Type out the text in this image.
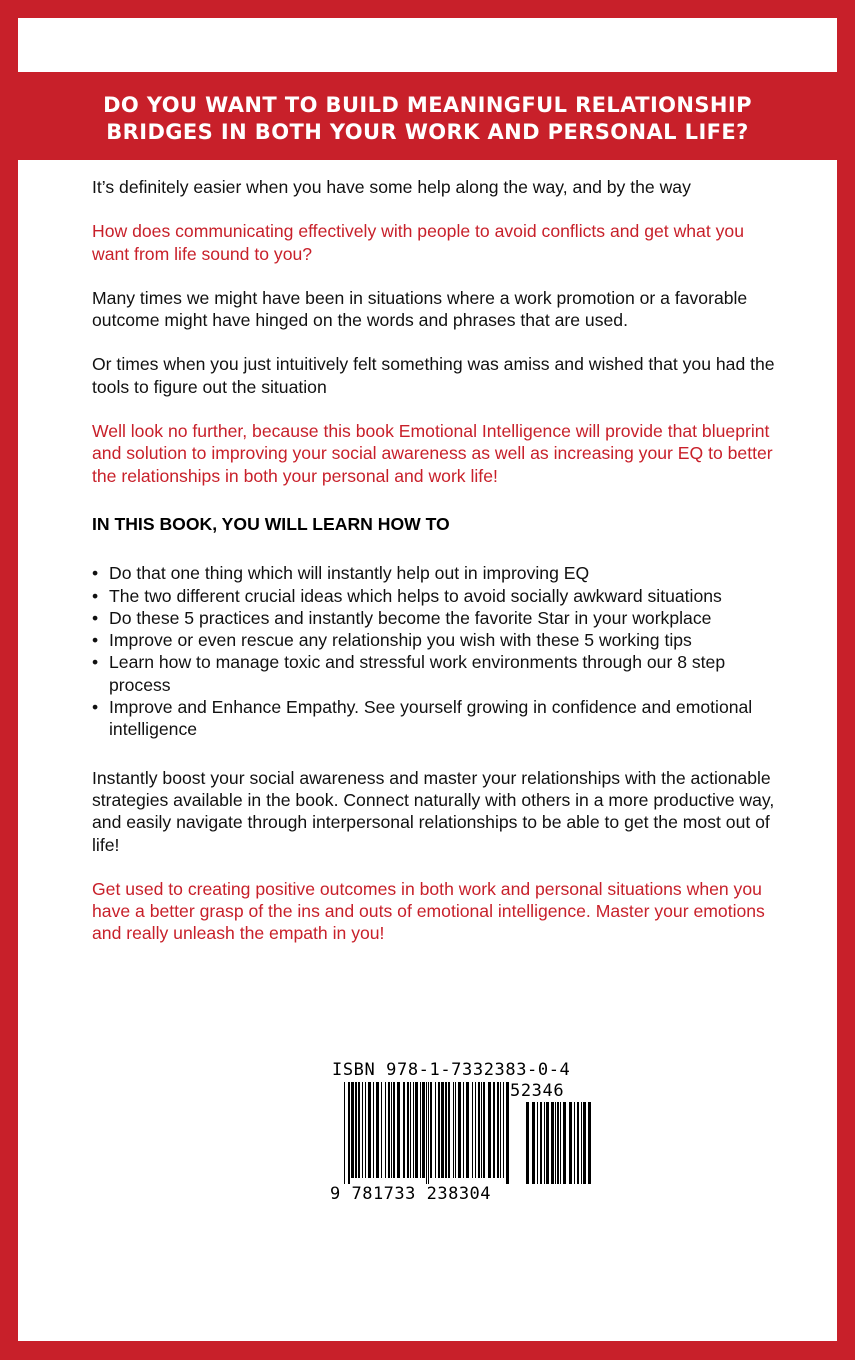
DO YOU WANT TO BUILD MEANINGFUL RELATIONSHIP
BRIDGES IN BOTH YOUR WORK AND PERSONAL LIFE?

It’s definitely easier when you have some help along the way, and by the way

How does communicating effectively with people to avoid conflicts and get what you want from life sound to you?

Many times we might have been in situations where a work promotion or a favorable outcome might have hinged on the words and phrases that are used.

Or times when you just intuitively felt something was amiss and wished that you had the tools to figure out the situation

Well look no further, because this book Emotional Intelligence will provide that blueprint and solution to improving your social awareness as well as increasing your EQ to better the relationships in both your personal and work life!

IN THIS BOOK, YOU WILL LEARN HOW TO

• Do that one thing which will instantly help out in improving EQ
• The two different crucial ideas which helps to avoid socially awkward situations
• Do these 5 practices and instantly become the favorite Star in your workplace
• Improve or even rescue any relationship you wish with these 5 working tips
• Learn how to manage toxic and stressful work environments through our 8 step process
• Improve and Enhance Empathy. See yourself growing in confidence and emotional intelligence

Instantly boost your social awareness and master your relationships with the actionable strategies available in the book. Connect naturally with others in a more productive way, and easily navigate through interpersonal relationships to be able to get the most out of life!

Get used to creating positive outcomes in both work and personal situations when you have a better grasp of the ins and outs of emotional intelligence. Master your emotions and really unleash the empath in you!

ISBN 978-1-7332383-0-4
52346
9 781733 238304
